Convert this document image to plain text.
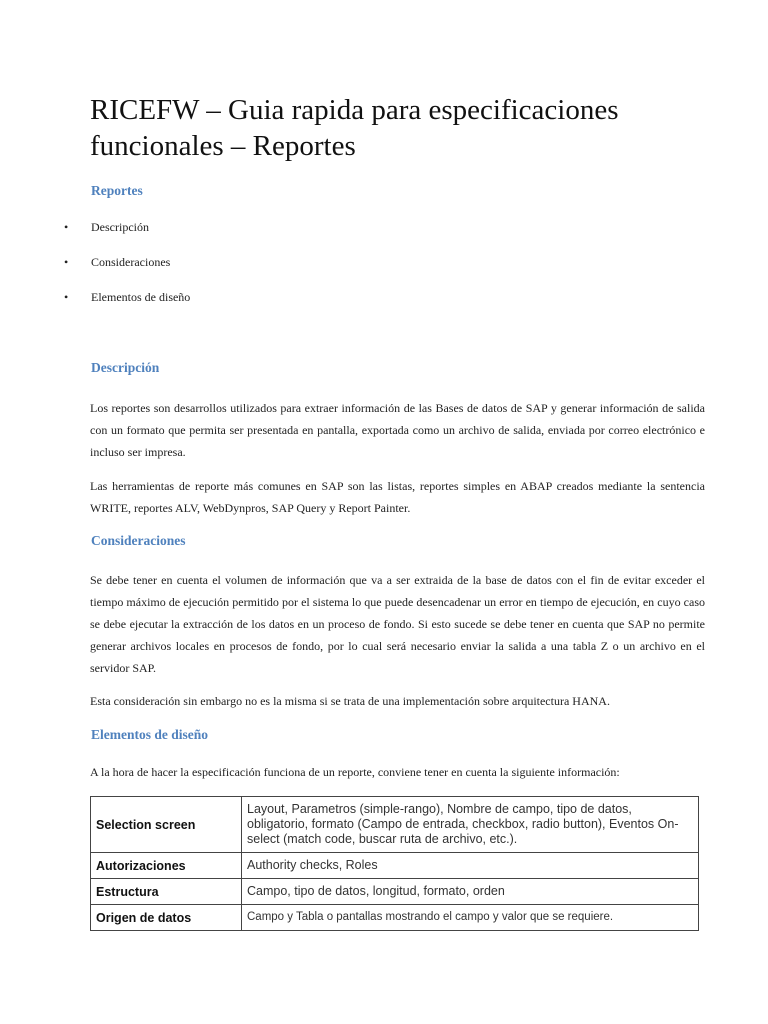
RICEFW – Guia rapida para especificaciones funcionales – Reportes
Reportes
• Descripción
• Consideraciones
• Elementos de diseño
Descripción

Los reportes son desarrollos utilizados para extraer información de las Bases de datos de SAP y generar información de salida con un formato que permita ser presentada en pantalla, exportada como un archivo de salida, enviada por correo electrónico e incluso ser impresa.

Las herramientas de reporte más comunes en SAP son las listas, reportes simples en ABAP creados mediante la sentencia WRITE, reportes ALV, WebDynpros, SAP Query y Report Painter.

Consideraciones

Se debe tener en cuenta el volumen de información que va a ser extraida de la base de datos con el fin de evitar exceder el tiempo máximo de ejecución permitido por el sistema lo que puede desencadenar un error en tiempo de ejecución, en cuyo caso se debe ejecutar la extracción de los datos en un proceso de fondo. Si esto sucede se debe tener en cuenta que SAP no permite generar archivos locales en procesos de fondo, por lo cual será necesario enviar la salida a una tabla Z o un archivo en el servidor SAP.

Esta consideración sin embargo no es la misma si se trata de una implementación sobre arquitectura HANA.

Elementos de diseño

A la hora de hacer la especificación funciona de un reporte, conviene tener en cuenta la siguiente información:

Selection screen	Layout, Parametros (simple-rango), Nombre de campo, tipo de datos, obligatorio, formato (Campo de entrada, checkbox, radio button), Eventos On-select (match code, buscar ruta de archivo, etc.).
Autorizaciones	Authority checks, Roles
Estructura	Campo, tipo de datos, longitud, formato, orden
Origen de datos	Campo y Tabla o pantallas mostrando el campo y valor que se requiere.
